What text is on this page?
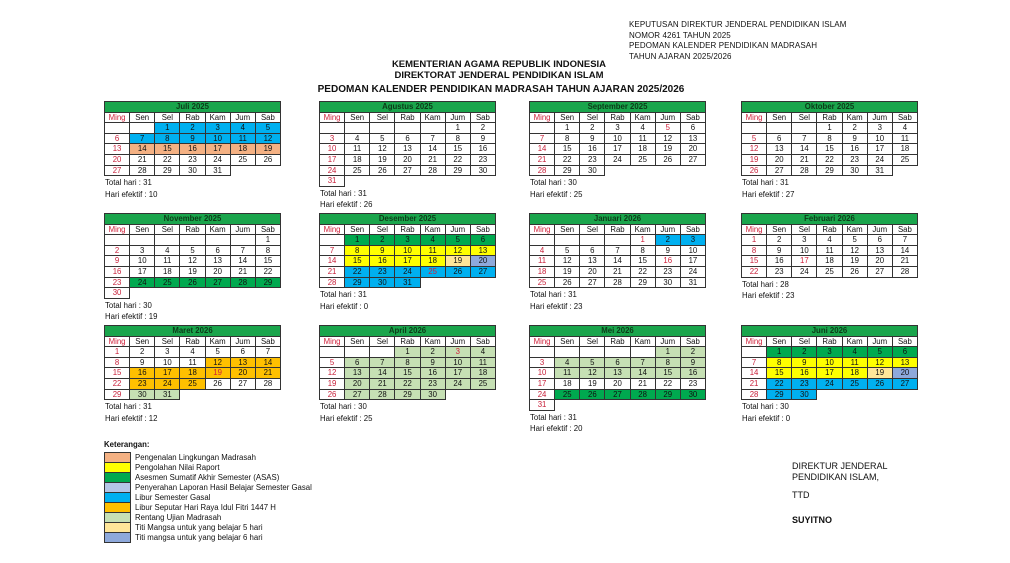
KEPUTUSAN DIREKTUR JENDERAL PENDIDIKAN ISLAM
NOMOR 4261 TAHUN 2025
PEDOMAN KALENDER PENDIDIKAN MADRASAH
TAHUN AJARAN 2025/2026
KEMENTERIAN AGAMA REPUBLIK INDONESIA
DIREKTORAT JENDERAL PENDIDIKAN ISLAM
PEDOMAN KALENDER PENDIDIKAN MADRASAH TAHUN AJARAN 2025/2026
Juli 2025						
Ming	Sen	Sel	Rab	Kam	Jum	Sab
		1	2	3	4	5
6	7	8	9	10	11	12
13	14	15	16	17	18	19
20	21	22	23	24	25	26
27	28	29	30	31		
Total hari : 31
Hari efektif : 10
Agustus 2025						
Ming	Sen	Sel	Rab	Kam	Jum	Sab
					1	2
3	4	5	6	7	8	9
10	11	12	13	14	15	16
17	18	19	20	21	22	23
24	25	26	27	28	29	30
31						
Total hari : 31
Hari efektif : 26
September 2025						
Ming	Sen	Sel	Rab	Kam	Jum	Sab
	1	2	3	4	5	6
7	8	9	10	11	12	13
14	15	16	17	18	19	20
21	22	23	24	25	26	27
28	29	30				
Total hari : 30
Hari efektif : 25
Oktober 2025						
Ming	Sen	Sel	Rab	Kam	Jum	Sab
			1	2	3	4
5	6	7	8	9	10	11
12	13	14	15	16	17	18
19	20	21	22	23	24	25
26	27	28	29	30	31	
Total hari : 31
Hari efektif : 27
November 2025						
Ming	Sen	Sel	Rab	Kam	Jum	Sab
						1
2	3	4	5	6	7	8
9	10	11	12	13	14	15
16	17	18	19	20	21	22
23	24	25	26	27	28	29
30						
Total hari : 30
Hari efektif : 19
Desember 2025						
Ming	Sen	Sel	Rab	Kam	Jum	Sab
	1	2	3	4	5	6
7	8	9	10	11	12	13
14	15	16	17	18	19	20
21	22	23	24	25	26	27
28	29	30	31			
Total hari : 31
Hari efektif : 0
Januari 2026						
Ming	Sen	Sel	Rab	Kam	Jum	Sab
				1	2	3
4	5	6	7	8	9	10
11	12	13	14	15	16	17
18	19	20	21	22	23	24
25	26	27	28	29	30	31
Total hari : 31
Hari efektif : 23
Februari 2026						
Ming	Sen	Sel	Rab	Kam	Jum	Sab
1	2	3	4	5	6	7
8	9	10	11	12	13	14
15	16	17	18	19	20	21
22	23	24	25	26	27	28
Total hari : 28
Hari efektif : 23
Maret 2026						
Ming	Sen	Sel	Rab	Kam	Jum	Sab
1	2	3	4	5	6	7
8	9	10	11	12	13	14
15	16	17	18	19	20	21
22	23	24	25	26	27	28
29	30	31				
Total hari : 31
Hari efektif : 12
April 2026						
Ming	Sen	Sel	Rab	Kam	Jum	Sab
			1	2	3	4
5	6	7	8	9	10	11
12	13	14	15	16	17	18
19	20	21	22	23	24	25
26	27	28	29	30		
Total hari : 30
Hari efektif : 25
Mei 2026						
Ming	Sen	Sel	Rab	Kam	Jum	Sab
					1	2
3	4	5	6	7	8	9
10	11	12	13	14	15	16
17	18	19	20	21	22	23
24	25	26	27	28	29	30
31						
Total hari : 31
Hari efektif : 20
Juni 2026						
Ming	Sen	Sel	Rab	Kam	Jum	Sab
	1	2	3	4	5	6
7	8	9	10	11	12	13
14	15	16	17	18	19	20
21	22	23	24	25	26	27
28	29	30				
Total hari : 30
Hari efektif : 0
Keterangan:
	Pengenalan Lingkungan Madrasah
	Pengolahan Nilai Raport
	Asesmen Sumatif Akhir Semester (ASAS)
	Penyerahan Laporan Hasil Belajar Semester Gasal
	Libur Semester Gasal
	Libur Seputar Hari Raya Idul Fitri 1447 H
	Rentang Ujian Madrasah
	Titi Mangsa untuk yang belajar 5 hari
	Titi mangsa untuk yang belajar 6 hari
DIREKTUR JENDERAL
PENDIDIKAN ISLAM,
TTD
SUYITNO
